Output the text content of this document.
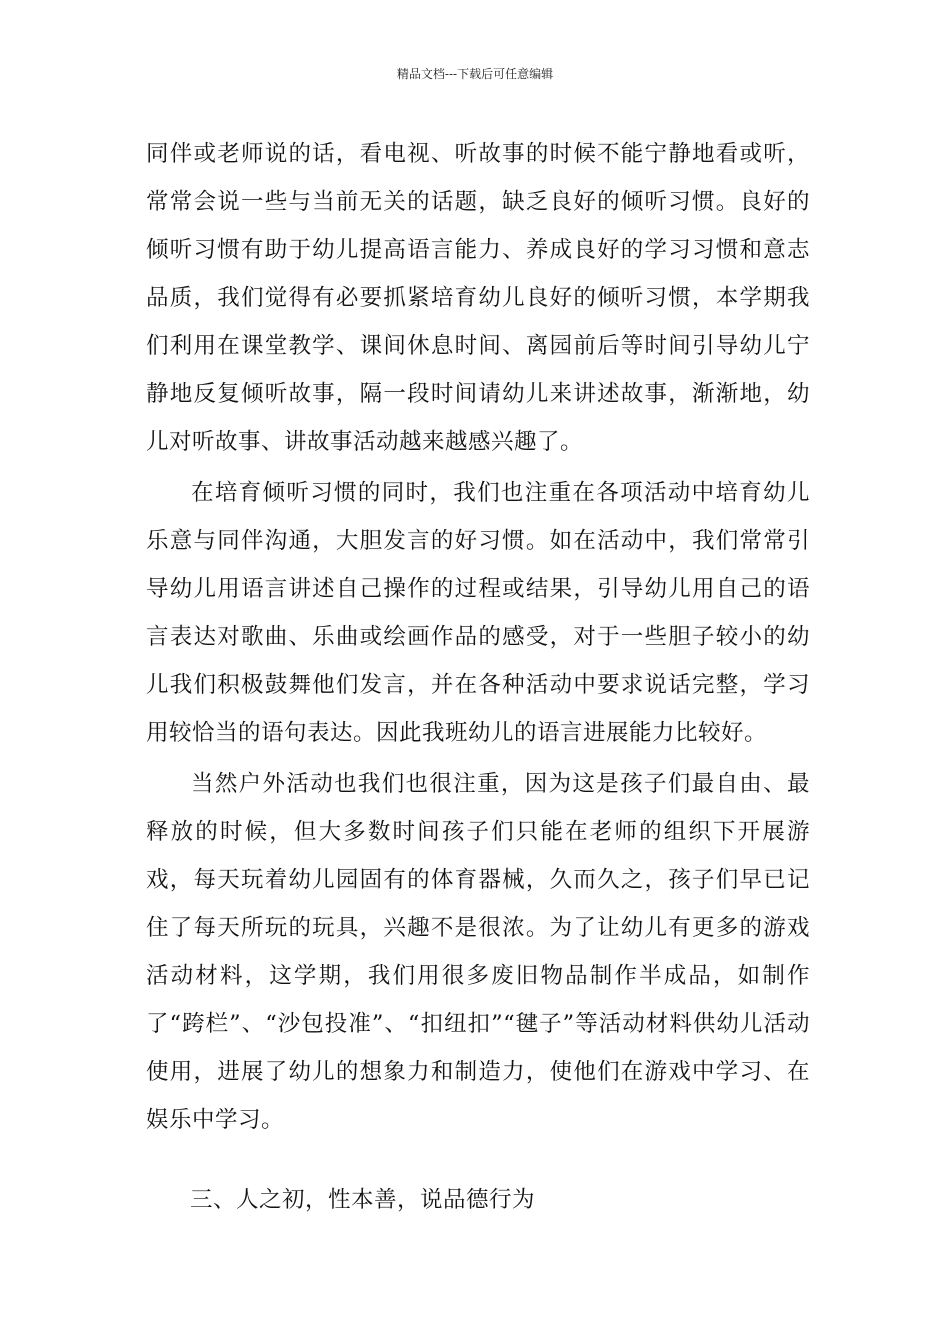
精品文档---下载后可任意编辑

同伴或老师说的话，看电视、听故事的时候不能宁静地看或听，常常会说一些与当前无关的话题，缺乏良好的倾听习惯。良好的倾听习惯有助于幼儿提高语言能力、养成良好的学习习惯和意志品质，我们觉得有必要抓紧培育幼儿良好的倾听习惯，本学期我们利用在课堂教学、课间休息时间、离园前后等时间引导幼儿宁静地反复倾听故事，隔一段时间请幼儿来讲述故事，渐渐地，幼儿对听故事、讲故事活动越来越感兴趣了。

在培育倾听习惯的同时，我们也注重在各项活动中培育幼儿乐意与同伴沟通，大胆发言的好习惯。如在活动中，我们常常引导幼儿用语言讲述自己操作的过程或结果，引导幼儿用自己的语言表达对歌曲、乐曲或绘画作品的感受，对于一些胆子较小的幼儿我们积极鼓舞他们发言，并在各种活动中要求说话完整，学习用较恰当的语句表达。因此我班幼儿的语言进展能力比较好。

当然户外活动也我们也很注重，因为这是孩子们最自由、最释放的时候，但大多数时间孩子们只能在老师的组织下开展游戏，每天玩着幼儿园固有的体育器械，久而久之，孩子们早已记住了每天所玩的玩具，兴趣不是很浓。为了让幼儿有更多的游戏活动材料，这学期，我们用很多废旧物品制作半成品，如制作了“跨栏”、“沙包投准”、“扣纽扣”“毽子”等活动材料供幼儿活动使用，进展了幼儿的想象力和制造力，使他们在游戏中学习、在娱乐中学习。

三、人之初，性本善，说品德行为
